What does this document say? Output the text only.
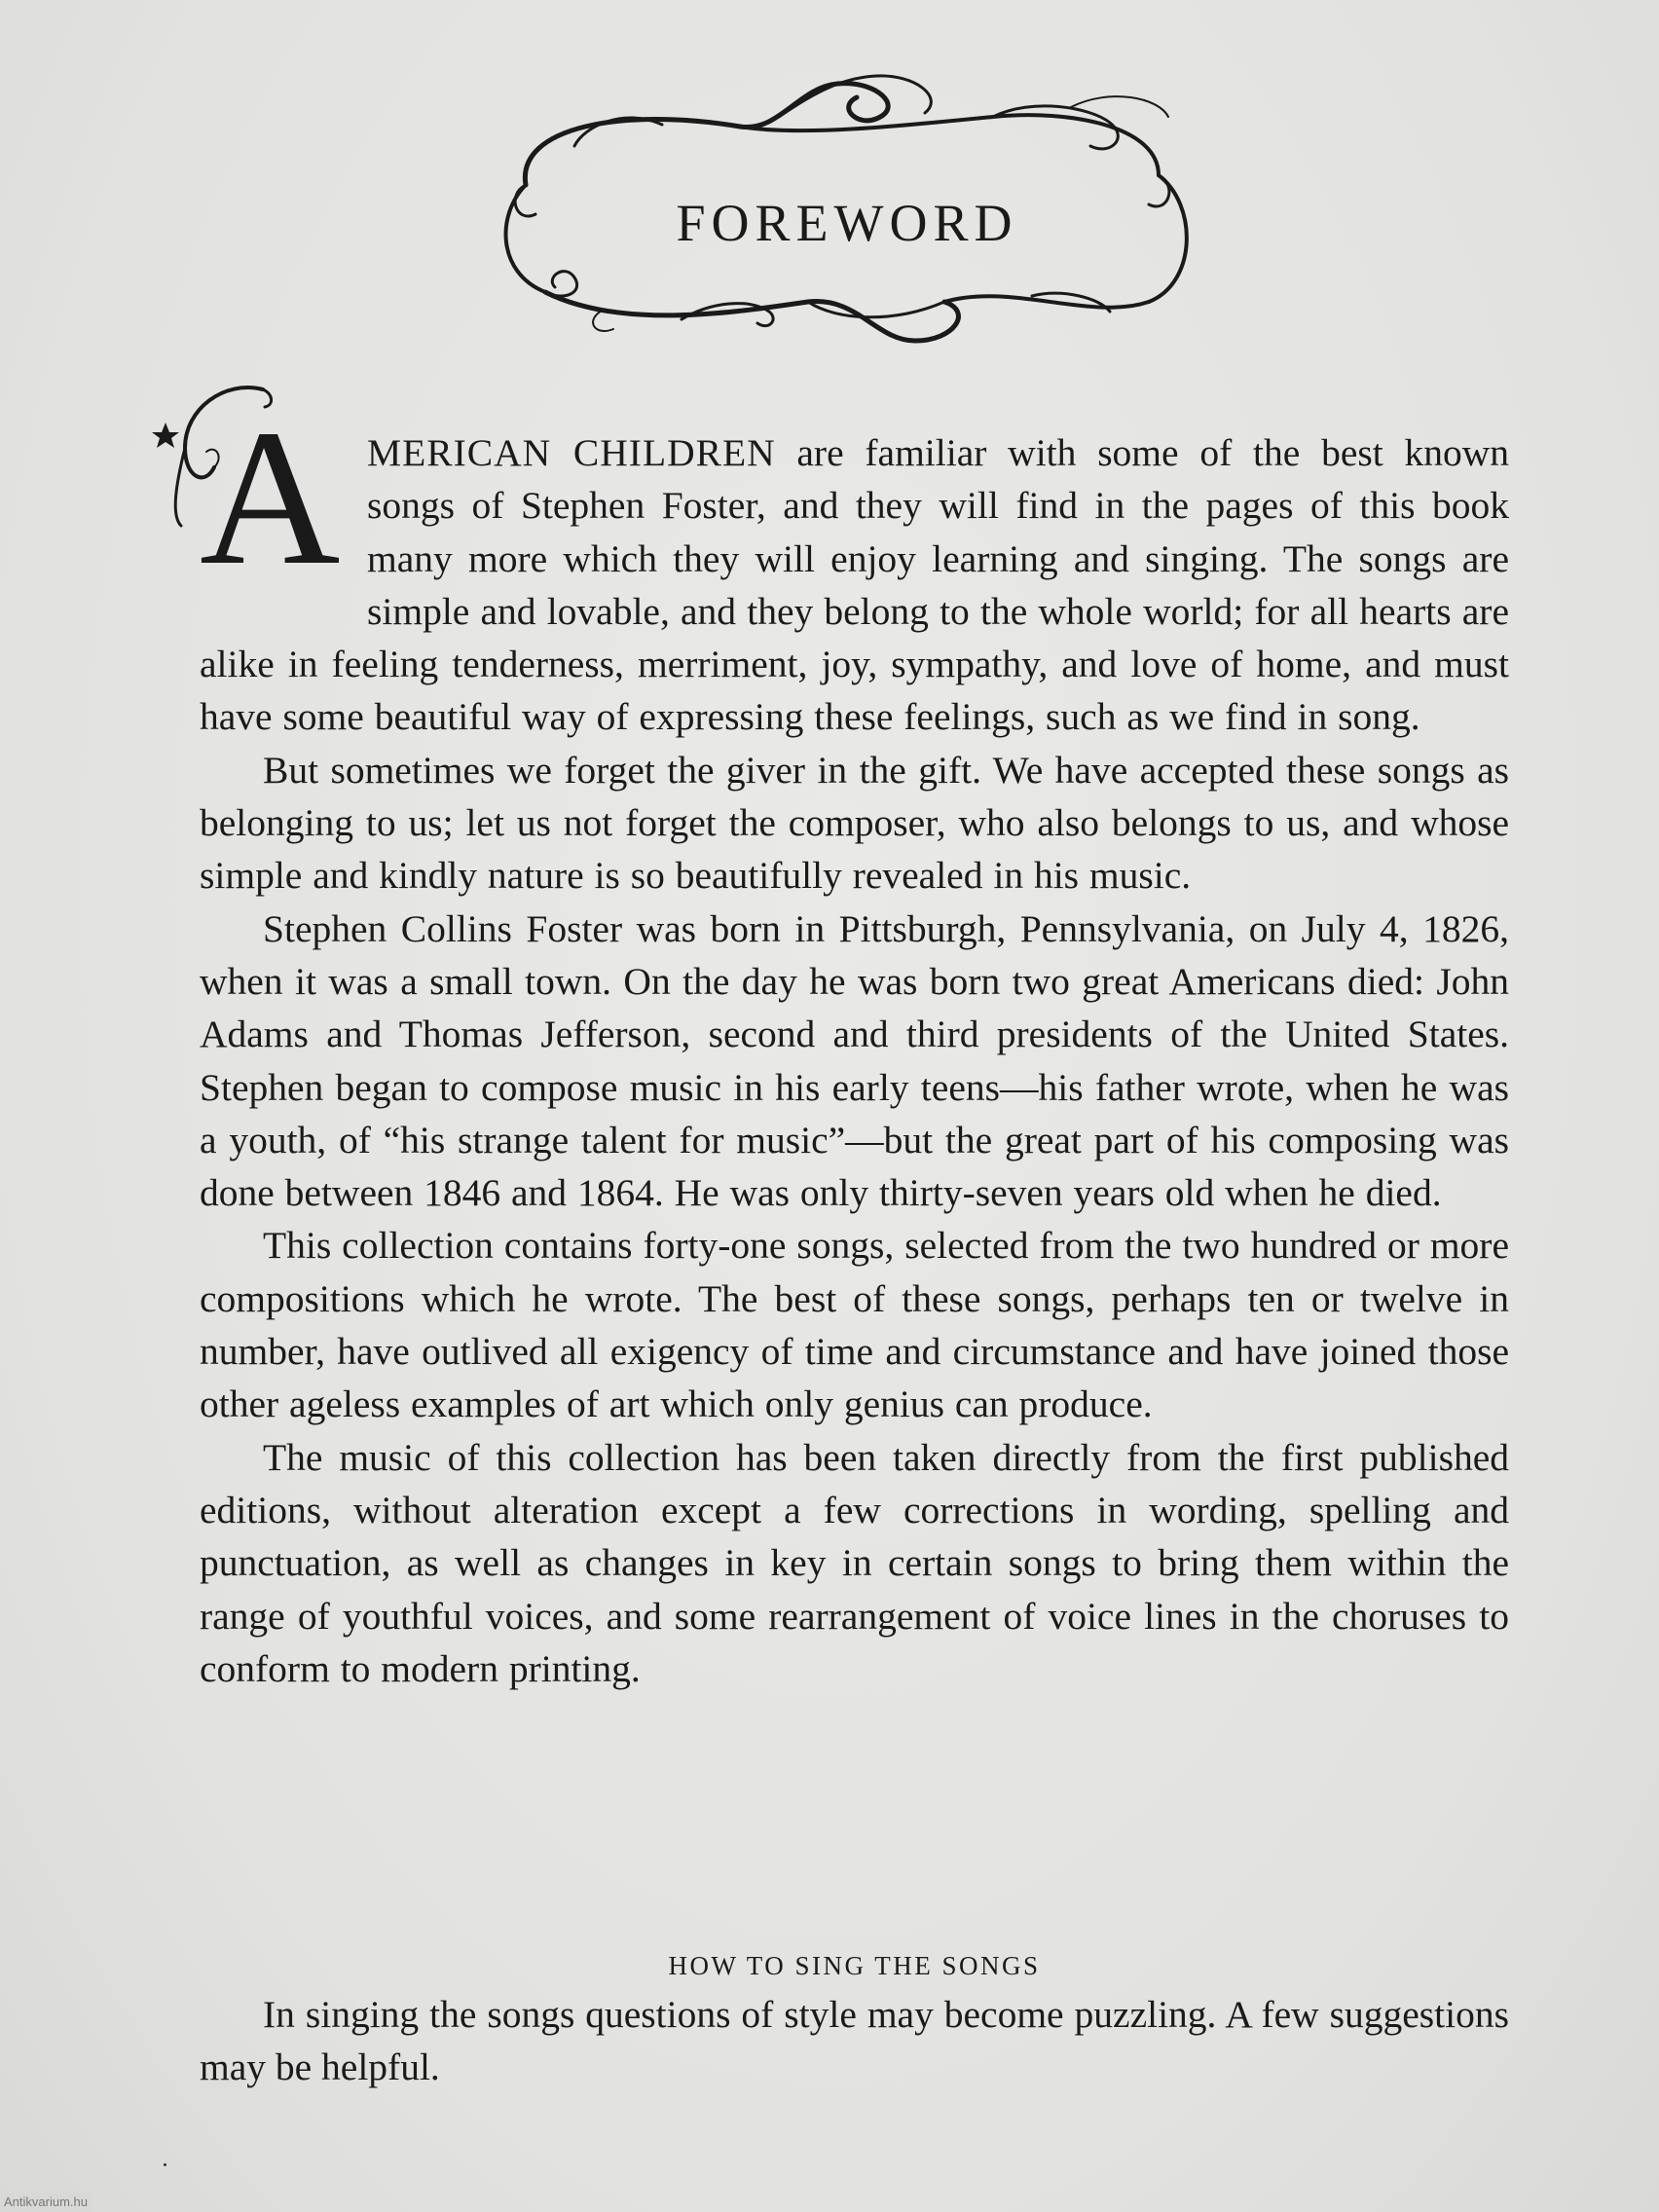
FOREWORD

A MERICAN CHILDREN are familiar with some of the best known songs of Stephen Foster, and they will find in the pages of this book many more which they will enjoy learning and singing. The songs are simple and lovable, and they belong to the whole world; for all hearts are alike in feeling tenderness, merriment, joy, sympathy, and love of home, and must have some beautiful way of expressing these feelings, such as we find in song.

But sometimes we forget the giver in the gift. We have accepted these songs as belonging to us; let us not forget the composer, who also belongs to us, and whose simple and kindly nature is so beautifully revealed in his music.

Stephen Collins Foster was born in Pittsburgh, Pennsylvania, on July 4, 1826, when it was a small town. On the day he was born two great Americans died: John Adams and Thomas Jefferson, second and third presidents of the United States. Stephen began to compose music in his early teens—his father wrote, when he was a youth, of “his strange talent for music”—but the great part of his composing was done between 1846 and 1864. He was only thirty-seven years old when he died.

This collection contains forty-one songs, selected from the two hundred or more compositions which he wrote. The best of these songs, perhaps ten or twelve in number, have outlived all exigency of time and circumstance and have joined those other ageless examples of art which only genius can produce.

The music of this collection has been taken directly from the first published editions, without alteration except a few corrections in wording, spelling and punctuation, as well as changes in key in certain songs to bring them within the range of youthful voices, and some rearrangement of voice lines in the choruses to conform to modern printing.

HOW TO SING THE SONGS

In singing the songs questions of style may become puzzling. A few suggestions may be helpful.

Antikvarium.hu
